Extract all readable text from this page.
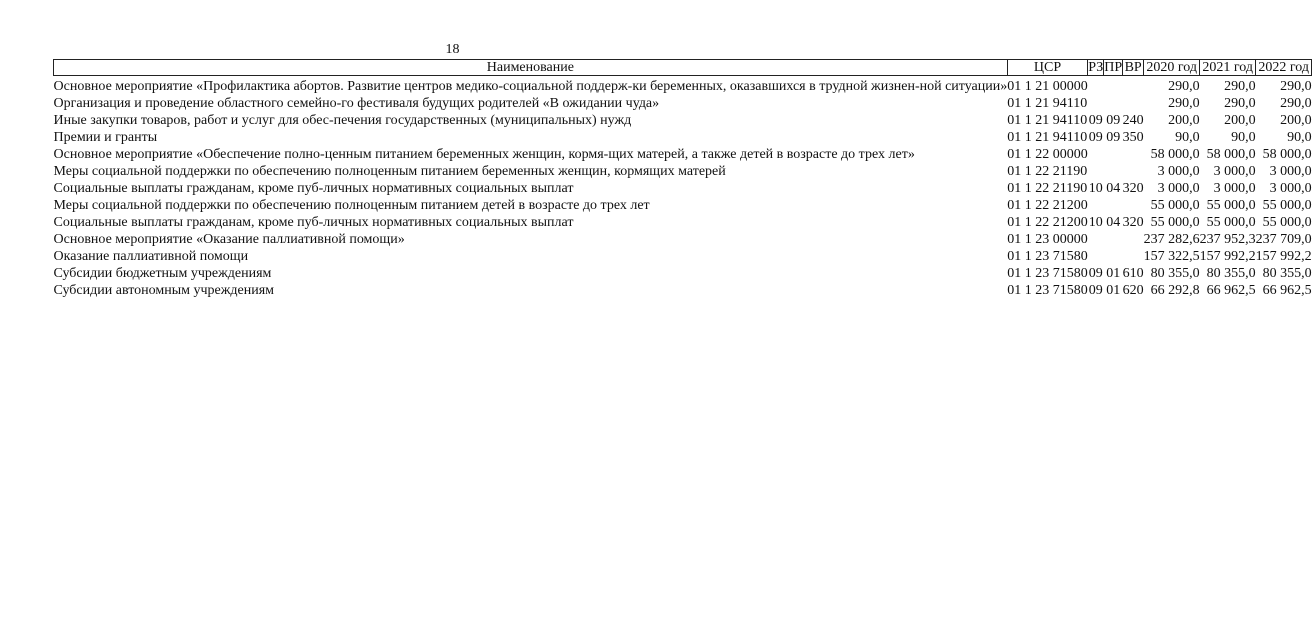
18
Наименование	ЦСР	РЗ	ПР	ВР	2020 год	2021 год	2022 год

Основное мероприятие «Профилактика абортов. Развитие центров медико-социальной поддерж-ки беременных, оказавшихся в трудной жизнен-ной ситуации»	01 1 21 00000				290,0	290,0	290,0
Организация и проведение областного семейно-го фестиваля будущих родителей «В ожидании чуда»	01 1 21 94110				290,0	290,0	290,0
Иные закупки товаров, работ и услуг для обес-печения государственных (муниципальных) нужд	01 1 21 94110	09	09	240	200,0	200,0	200,0
Премии и гранты	01 1 21 94110	09	09	350	90,0	90,0	90,0
Основное мероприятие «Обеспечение полно-ценным питанием беременных женщин, кормя-щих матерей, а также детей в возрасте до трех лет»	01 1 22 00000				58 000,0	58 000,0	58 000,0
Меры социальной поддержки по обеспечению полноценным питанием беременных женщин, кормящих матерей	01 1 22 21190				3 000,0	3 000,0	3 000,0
Социальные выплаты гражданам, кроме пуб-личных нормативных социальных выплат	01 1 22 21190	10	04	320	3 000,0	3 000,0	3 000,0
Меры социальной поддержки по обеспечению полноценным питанием детей в возрасте до трех лет	01 1 22 21200				55 000,0	55 000,0	55 000,0
Социальные выплаты гражданам, кроме пуб-личных нормативных социальных выплат	01 1 22 21200	10	04	320	55 000,0	55 000,0	55 000,0
Основное мероприятие «Оказание паллиативной помощи»	01 1 23 00000				237 282,6	237 952,3	237 709,0
Оказание паллиативной помощи	01 1 23 71580				157 322,5	157 992,2	157 992,2
Субсидии бюджетным учреждениям	01 1 23 71580	09	01	610	80 355,0	80 355,0	80 355,0
Субсидии автономным учреждениям	01 1 23 71580	09	01	620	66 292,8	66 962,5	66 962,5
